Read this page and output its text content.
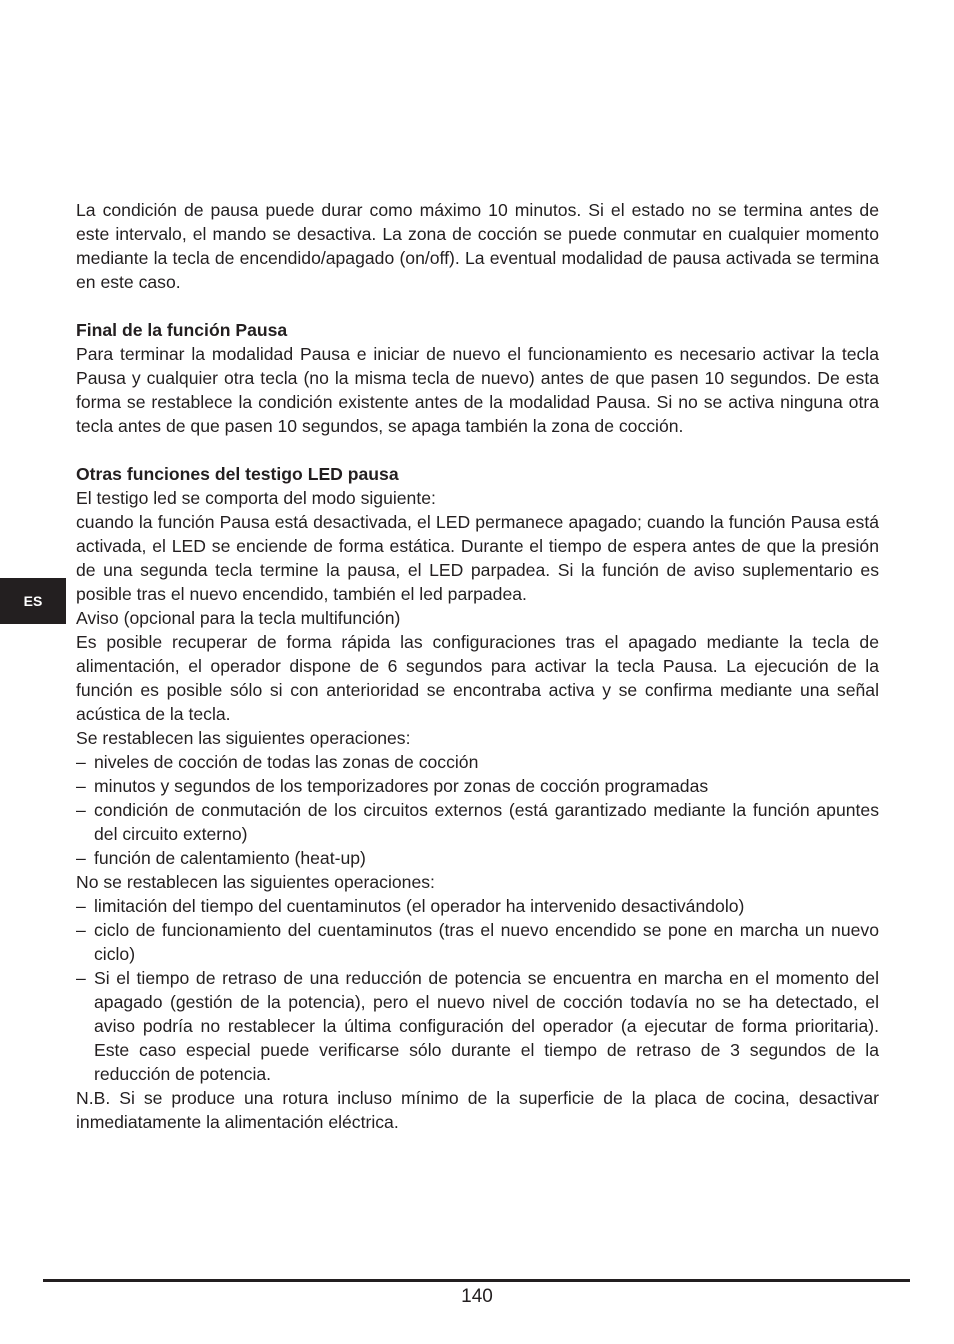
ES

La condición de pausa puede durar como máximo 10 minutos. Si el estado no se termina antes de este intervalo, el mando se desactiva. La zona de cocción se puede conmutar en cualquier momento mediante la tecla de encendido/apagado (on/off). La eventual modalidad de pausa activada se termina en este caso.

Final de la función Pausa

Para terminar la modalidad Pausa e iniciar de nuevo el funcionamiento es necesario activar la tecla Pausa y cualquier otra tecla (no la misma tecla de nuevo) antes de que pasen 10 segundos. De esta forma se restablece la condición existente antes de la modalidad Pausa. Si no se activa ninguna otra tecla antes de que pasen 10 segundos, se apaga también la zona de cocción.

Otras funciones del testigo LED pausa

El testigo led se comporta del modo siguiente:

cuando la función Pausa está desactivada, el LED permanece apagado; cuando la función Pausa está activada, el LED se enciende de forma estática. Durante el tiempo de espera antes de que la presión de una segunda tecla termine la pausa, el LED parpadea. Si la función de aviso suplementario es posible tras el nuevo encendido, también el led parpadea.

Aviso (opcional para la tecla multifunción)

Es posible recuperar de forma rápida las configuraciones tras el apagado mediante la tecla de alimentación, el operador dispone de 6 segundos para activar la tecla Pausa. La ejecución de la función es posible sólo si con anterioridad se encontraba activa y se confirma mediante una señal acústica de la tecla.

Se restablecen las siguientes operaciones:

– niveles de cocción de todas las zonas de cocción
– minutos y segundos de los temporizadores por zonas de cocción programadas
– condición de conmutación de los circuitos externos (está garantizado mediante la función apuntes del circuito externo)
– función de calentamiento (heat-up)

No se restablecen las siguientes operaciones:

– limitación del tiempo del cuentaminutos (el operador ha intervenido desactivándolo)
– ciclo de funcionamiento del cuentaminutos (tras el nuevo encendido se pone en marcha un nuevo ciclo)
– Si el tiempo de retraso de una reducción de potencia se encuentra en marcha en el momento del apagado (gestión de la potencia), pero el nuevo nivel de cocción todavía no se ha detectado, el aviso podría no restablecer la última configuración del operador (a ejecutar de forma prioritaria). Este caso especial puede verificarse sólo durante el tiempo de retraso de 3 segundos de la reducción de potencia.

N.B. Si se produce una rotura incluso mínimo de la superficie de la placa de cocina, desactivar inmediatamente la alimentación eléctrica.

140
